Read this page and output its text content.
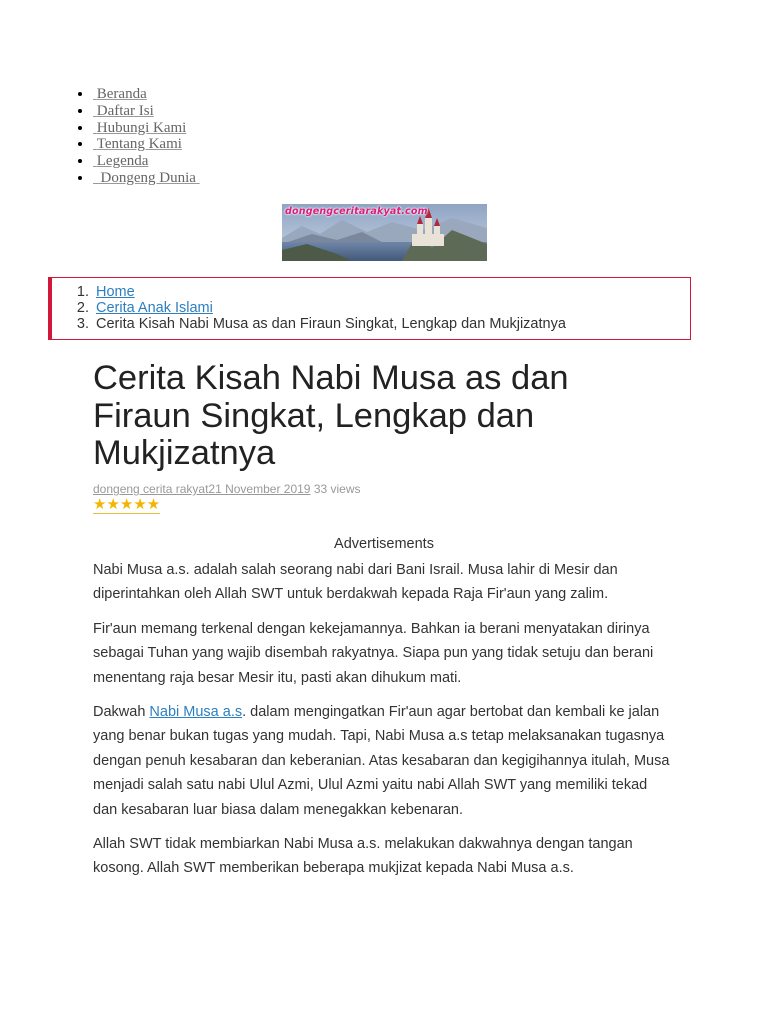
•  Beranda
•  Daftar Isi
•  Hubungi Kami
•  Tentang Kami
•  Legenda
•   Dongeng Dunia
dongengceritarakyat.com
1. Home
2. Cerita Anak Islami
3. Cerita Kisah Nabi Musa as dan Firaun Singkat, Lengkap dan Mukjizatnya
Cerita Kisah Nabi Musa as dan Firaun Singkat, Lengkap dan Mukjizatnya
dongeng cerita rakyat21 November 2019 33 views
★★★★★
Advertisements

Nabi Musa a.s. adalah salah seorang nabi dari Bani Israil. Musa lahir di Mesir dan diperintahkan oleh Allah SWT untuk berdakwah kepada Raja Fir'aun yang zalim.

Fir'aun memang terkenal dengan kekejamannya. Bahkan ia berani menyatakan dirinya sebagai Tuhan yang wajib disembah rakyatnya. Siapa pun yang tidak setuju dan berani menentang raja besar Mesir itu, pasti akan dihukum mati.

Dakwah Nabi Musa a.s. dalam mengingatkan Fir'aun agar bertobat dan kembali ke jalan yang benar bukan tugas yang mudah. Tapi, Nabi Musa a.s tetap melaksanakan tugasnya dengan penuh kesabaran dan keberanian. Atas kesabaran dan kegigihannya itulah, Musa menjadi salah satu nabi Ulul Azmi, Ulul Azmi yaitu nabi Allah SWT yang memiliki tekad dan kesabaran luar biasa dalam menegakkan kebenaran.

Allah SWT tidak membiarkan Nabi Musa a.s. melakukan dakwahnya dengan tangan kosong. Allah SWT memberikan beberapa mukjizat kepada Nabi Musa a.s.
